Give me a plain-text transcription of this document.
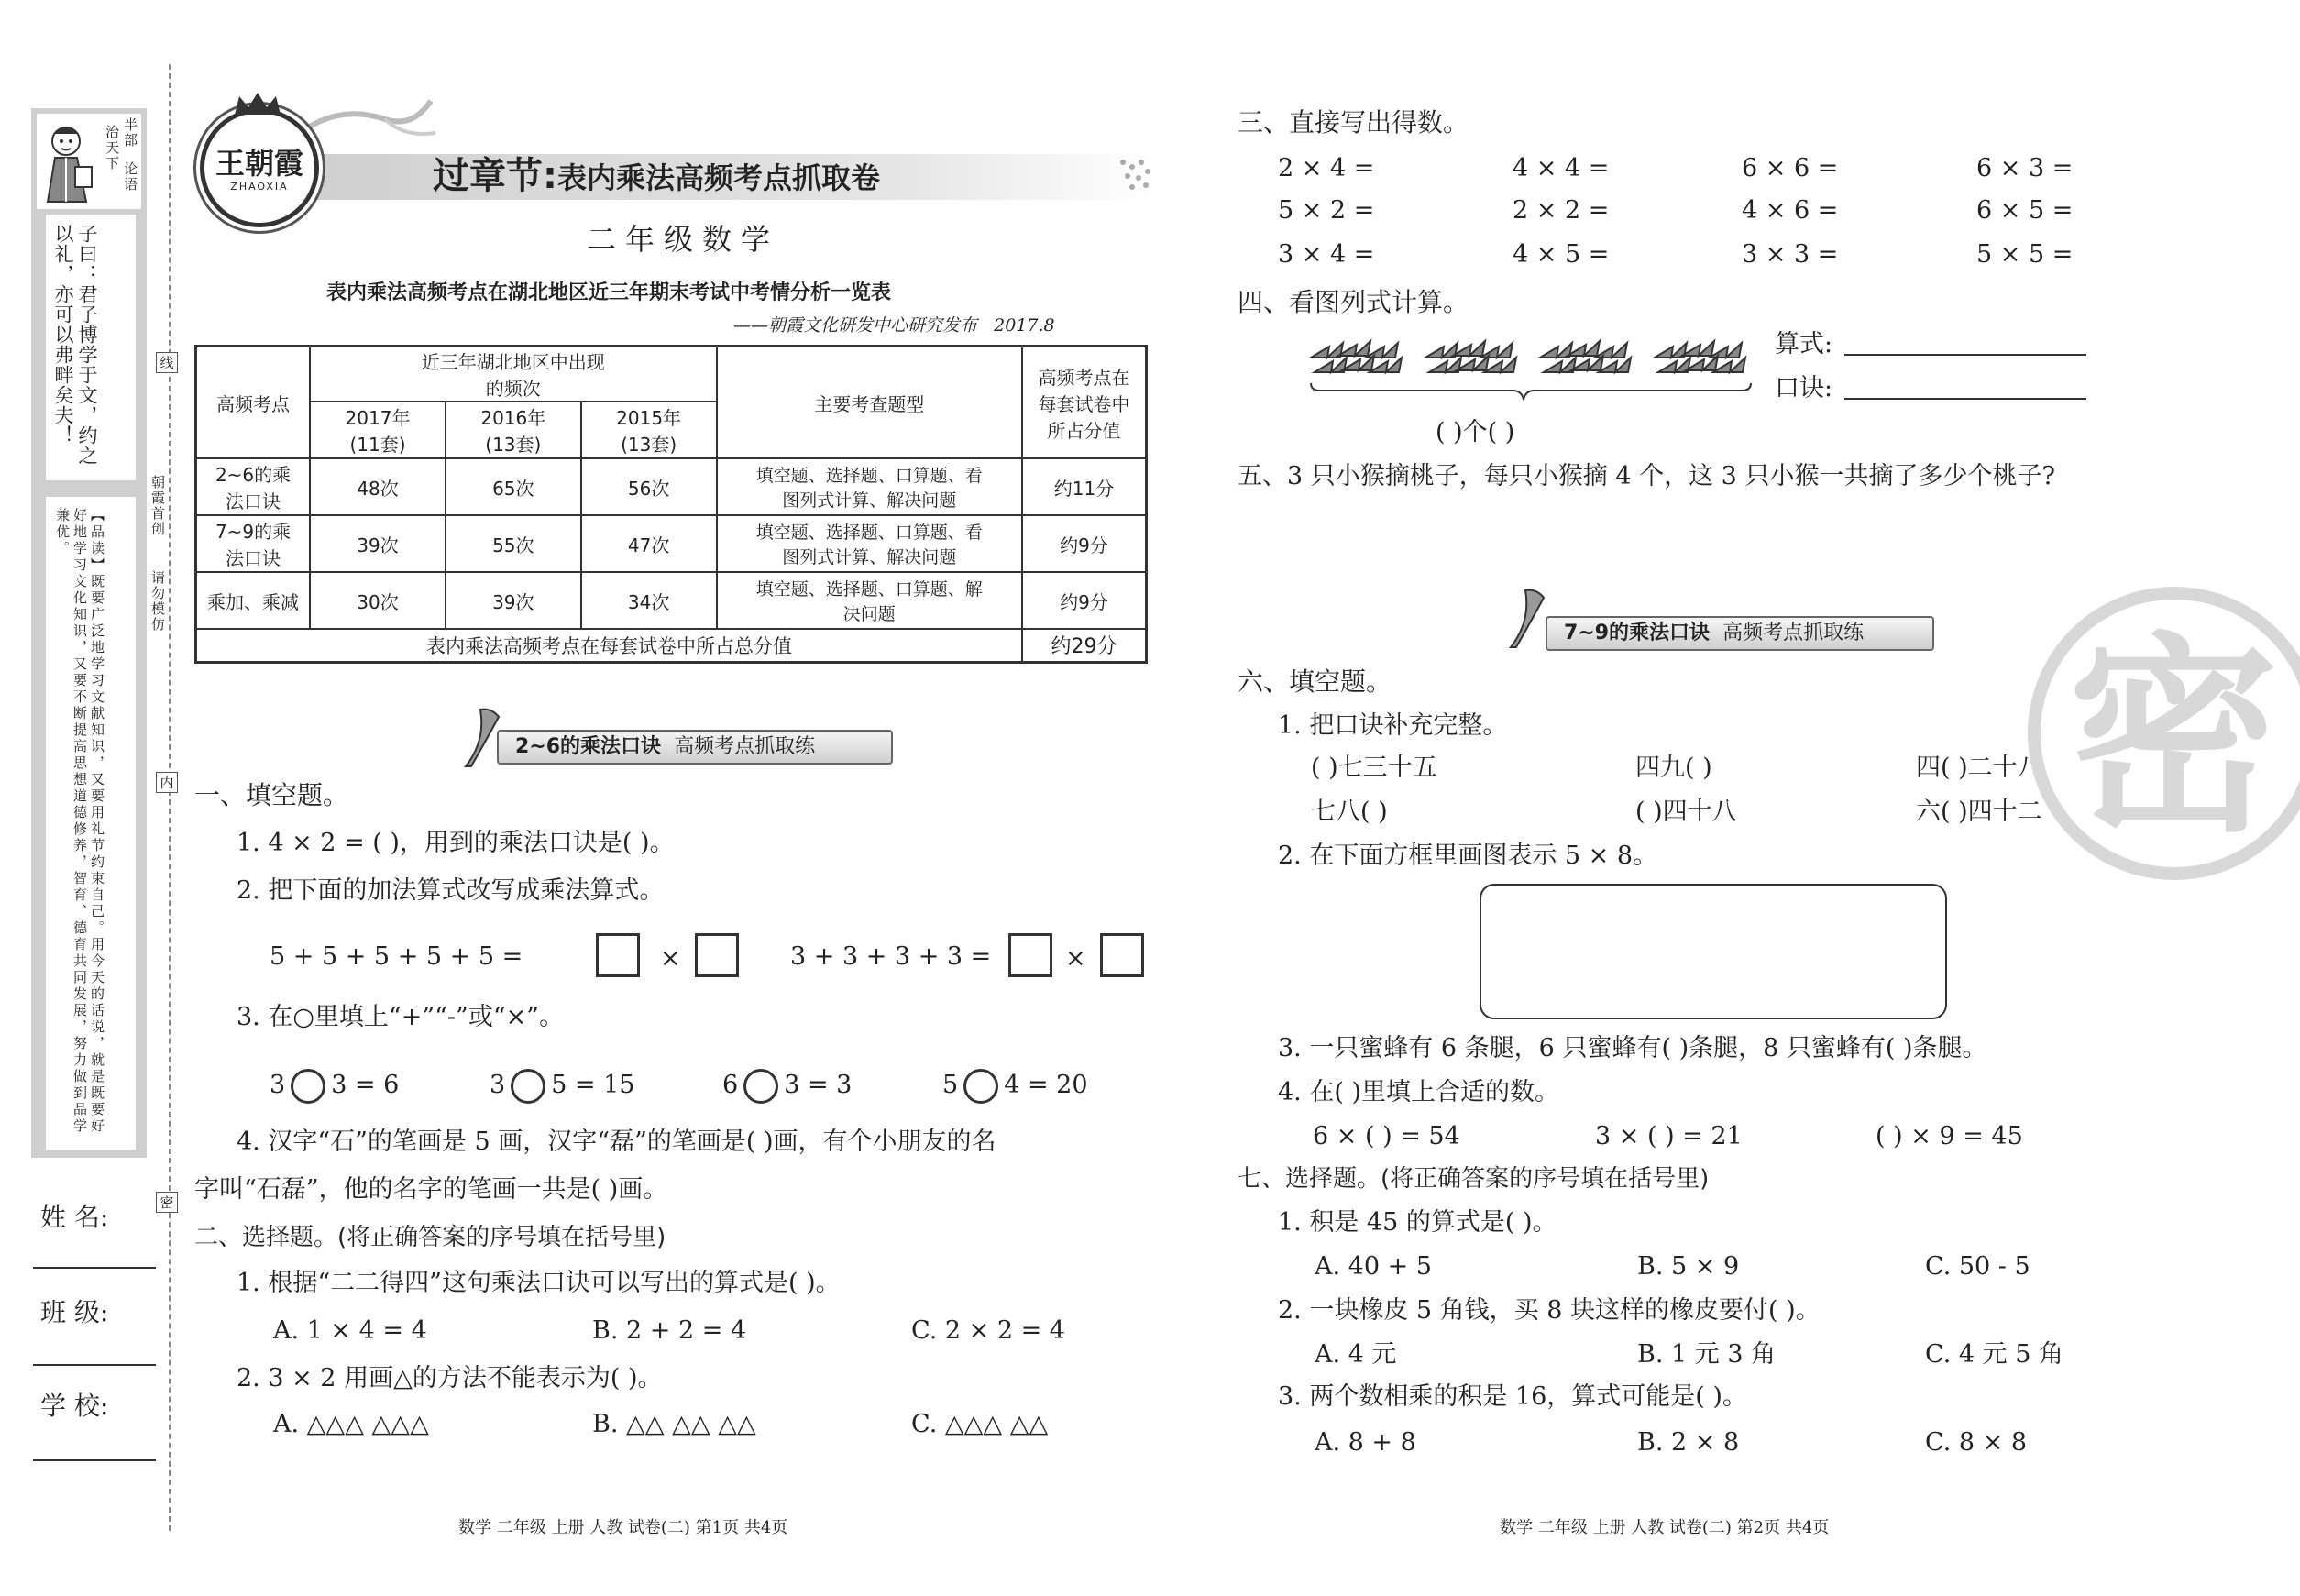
半部
论语
治天下
子曰：君子博学于文，约之以礼，亦可以弗畔矣夫！
【品读】既要广泛地学习文献知识，又要用礼节约束自己。用今天的话说，就是既要好好地学习文化知识，又要不断提高思想道德修养，智育、德育共同发展，努力做到品学兼优。
线
内
密
朝霞首创
请勿模仿
姓 名:
班 级:
学 校:
王朝霞
ZHAOXIA	过章节:表内乘法高频考点抓取卷
二年级数学
表内乘法高频考点在湖北地区近三年期末考试中考情分析一览表
——朝霞文化研发中心研究发布 2017.8
高频考点	近三年湖北地区中出现的频次			主要考查题型	高频考点在每套试卷中所占分值
	2017年(11套)	2016年(13套)	2015年(13套)		
2~6的乘法口诀	48次	65次	56次	填空题、选择题、口算题、看图列式计算、解决问题	约11分
7~9的乘法口诀	39次	55次	47次	填空题、选择题、口算题、看图列式计算、解决问题	约9分
乘加、乘减	30次	39次	34次	填空题、选择题、口算题、解决问题	约9分
表内乘法高频考点在每套试卷中所占总分值					约29分
2~6的乘法口诀 高频考点抓取练
一、填空题。
1. 4 × 2 = ( )，用到的乘法口诀是( )。
2. 把下面的加法算式改写成乘法算式。
5 + 5 + 5 + 5 + 5 =	×	3 + 3 + 3 + 3 =	×
3. 在○里填上“+”“-”或“×”。
3 3 = 6	3 5 = 15	6 3 = 3	5 4 = 20
4. 汉字“石”的笔画是 5 画，汉字“磊”的笔画是( )画，有个小朋友的名
字叫“石磊”，他的名字的笔画一共是( )画。
二、选择题。(将正确答案的序号填在括号里)
1. 根据“二二得四”这句乘法口诀可以写出的算式是( )。
A. 1 × 4 = 4	B. 2 + 2 = 4	C. 2 × 2 = 4
2. 3 × 2 用画△的方法不能表示为( )。
A. △△△ △△△	B. △△ △△ △△	C. △△△ △△
数学 二年级 上册 人教 试卷(二) 第1页 共4页
三、直接写出得数。
2 × 4 =	4 × 4 =	6 × 6 =	6 × 3 =
5 × 2 =	2 × 2 =	4 × 6 =	6 × 5 =
3 × 4 =	4 × 5 =	3 × 3 =	5 × 5 =
四、看图列式计算。
算式:
口诀:
( )个( )
五、3 只小猴摘桃子，每只小猴摘 4 个，这 3 只小猴一共摘了多少个桃子?
7~9的乘法口诀 高频考点抓取练
六、填空题。
1. 把口诀补充完整。
( )七三十五	四九( )	四( )二十八
七八( )	( )四十八	六( )四十二
2. 在下面方框里画图表示 5 × 8。
3. 一只蜜蜂有 6 条腿，6 只蜜蜂有( )条腿，8 只蜜蜂有( )条腿。
4. 在( )里填上合适的数。
6 × ( ) = 54	3 × ( ) = 21	( ) × 9 = 45
七、选择题。(将正确答案的序号填在括号里)
1. 积是 45 的算式是( )。
A. 40 + 5	B. 5 × 9	C. 50 - 5
2. 一块橡皮 5 角钱，买 8 块这样的橡皮要付( )。
A. 4 元	B. 1 元 3 角	C. 4 元 5 角
3. 两个数相乘的积是 16，算式可能是( )。
A. 8 + 8	B. 2 × 8	C. 8 × 8
数学 二年级 上册 人教 试卷(二) 第2页 共4页
密
